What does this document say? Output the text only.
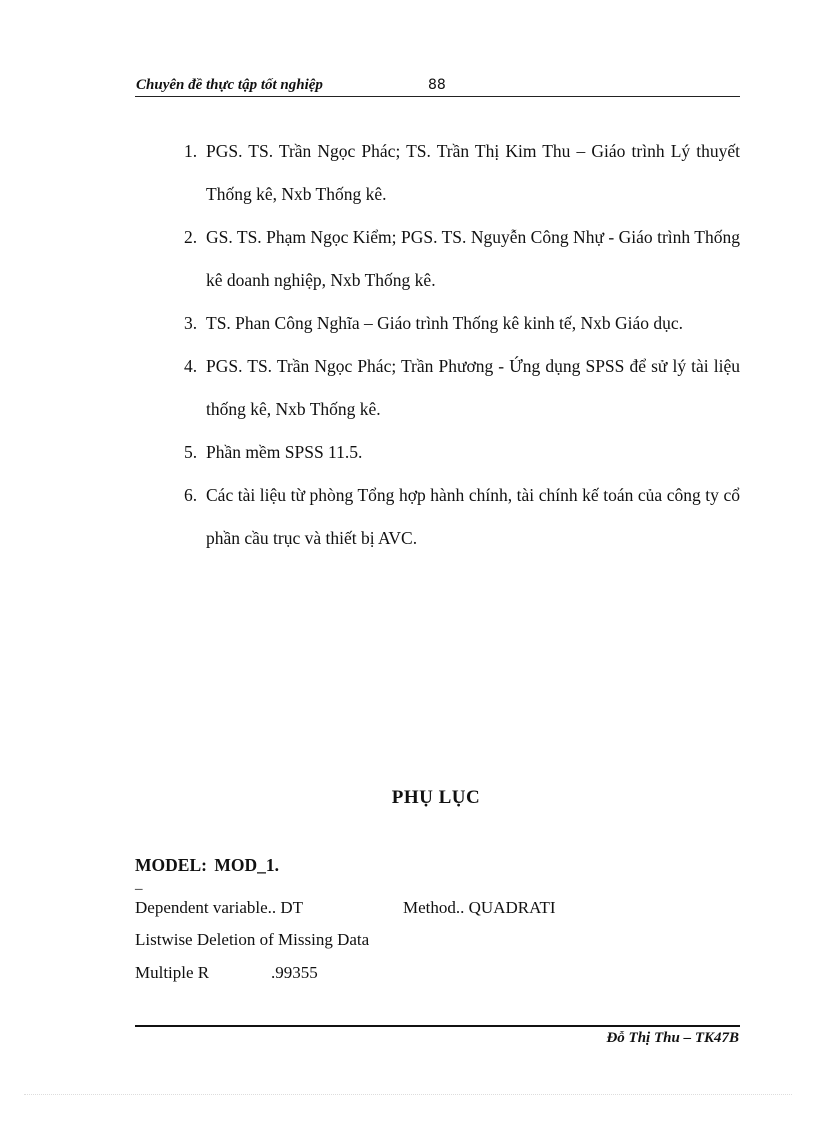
Chuyên đề thực tập tốt nghiệp	88
1. PGS. TS. Trần Ngọc Phác; TS. Trần Thị Kim Thu – Giáo trình Lý thuyết Thống kê, Nxb Thống kê.
2. GS. TS. Phạm Ngọc Kiểm; PGS. TS. Nguyễn Công Nhự - Giáo trình Thống kê doanh nghiệp, Nxb Thống kê.
3. TS. Phan Công Nghĩa – Giáo trình Thống kê kinh tế, Nxb Giáo dục.
4. PGS. TS. Trần Ngọc Phác; Trần Phương - Ứng dụng SPSS để sử lý tài liệu thống kê, Nxb Thống kê.
5. Phần mềm SPSS 11.5.
6. Các tài liệu từ phòng Tổng hợp hành chính, tài chính kế toán của công ty cổ phần cầu trục và thiết bị AVC.
PHỤ LỤC
MODEL: MOD_1.
_
Dependent variable.. DT	Method.. QUADRATI
Listwise Deletion of Missing Data
Multiple R	.99355
Đỗ Thị Thu – TK47B
